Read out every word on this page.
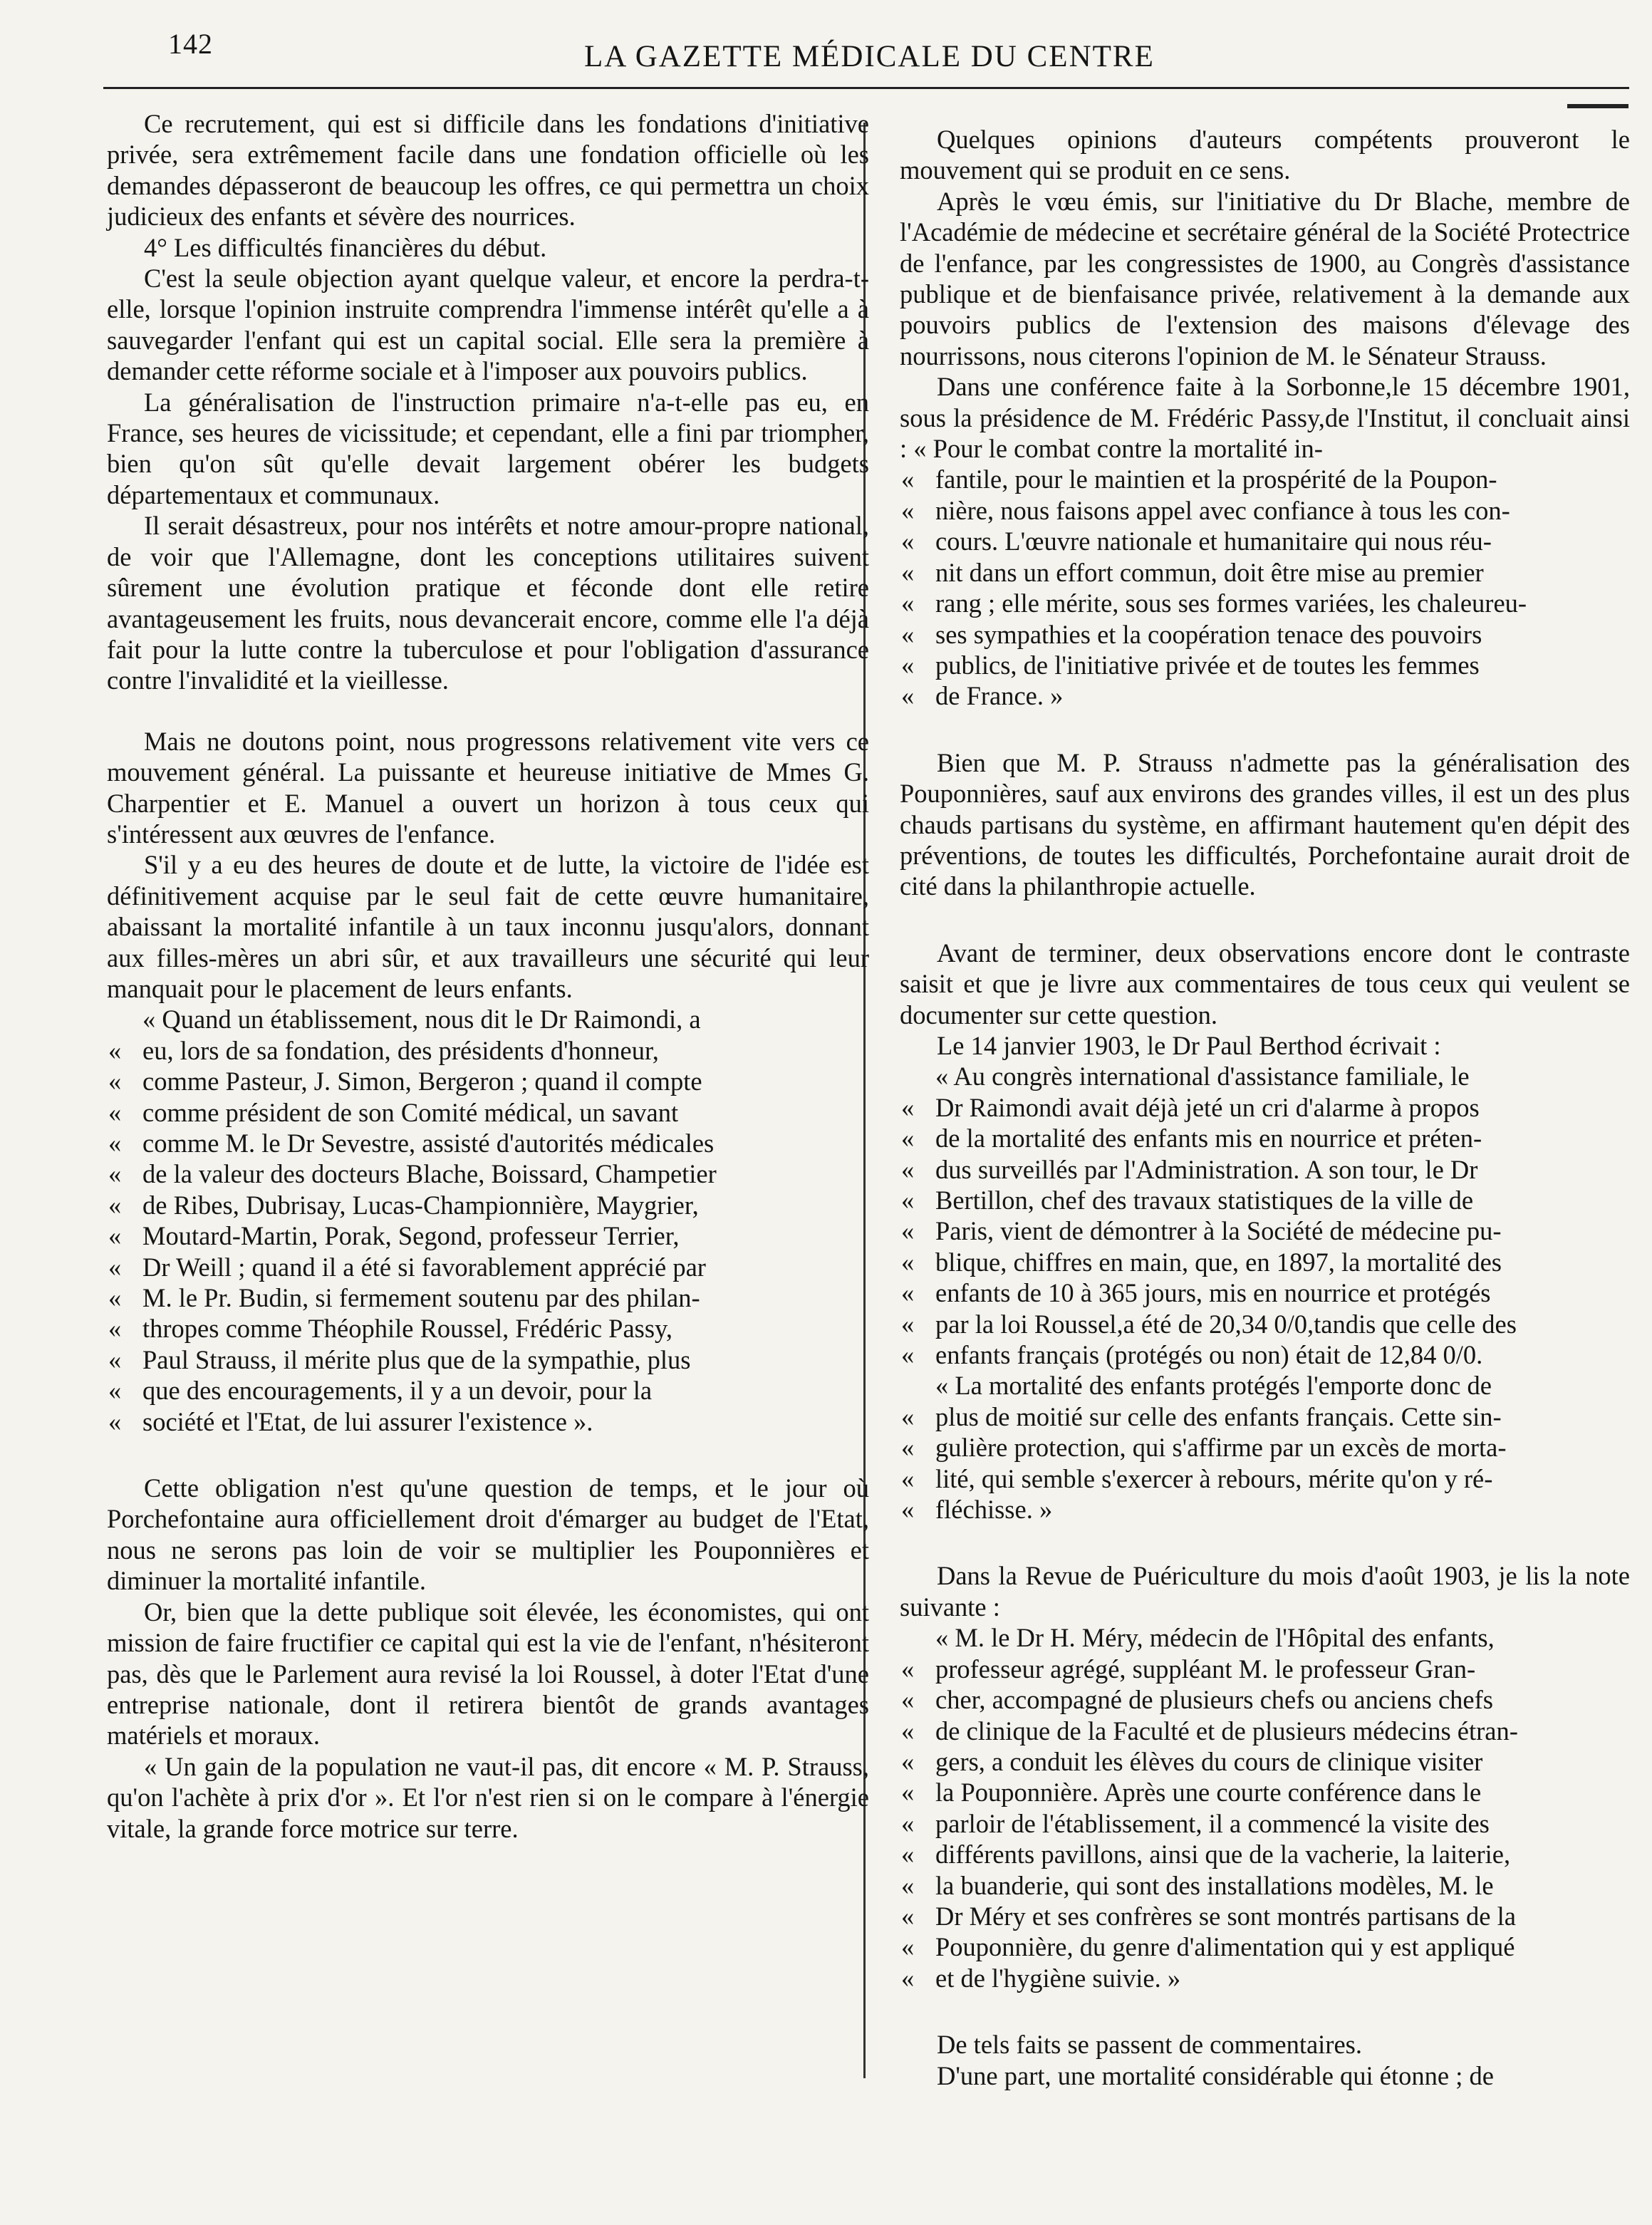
142	LA GAZETTE MÉDICALE DU CENTRE

Ce recrutement, qui est si difficile dans les fondations d'initiative privée, sera extrêmement facile dans une fondation officielle où les demandes dépasseront de beaucoup les offres, ce qui permettra un choix judicieux des enfants et sévère des nourrices.

4° Les difficultés financières du début.

C'est la seule objection ayant quelque valeur, et encore la perdra-t-elle, lorsque l'opinion instruite comprendra l'immense intérêt qu'elle a à sauvegarder l'enfant qui est un capital social. Elle sera la première à demander cette réforme sociale et à l'imposer aux pouvoirs publics.

La généralisation de l'instruction primaire n'a-t-elle pas eu, en France, ses heures de vicissitude; et cependant, elle a fini par triompher, bien qu'on sût qu'elle devait largement obérer les budgets départementaux et communaux.

Il serait désastreux, pour nos intérêts et notre amour-propre national, de voir que l'Allemagne, dont les conceptions utilitaires suivent sûrement une évolution pratique et féconde dont elle retire avantageusement les fruits, nous devancerait encore, comme elle l'a déjà fait pour la lutte contre la tuberculose et pour l'obligation d'assurance contre l'invalidité et la vieillesse.

Mais ne doutons point, nous progressons relativement vite vers ce mouvement général. La puissante et heureuse initiative de Mmes G. Charpentier et E. Manuel a ouvert un horizon à tous ceux qui s'intéressent aux œuvres de l'enfance.

S'il y a eu des heures de doute et de lutte, la victoire de l'idée est définitivement acquise par le seul fait de cette œuvre humanitaire, abaissant la mortalité infantile à un taux inconnu jusqu'alors, donnant aux filles-mères un abri sûr, et aux travailleurs une sécurité qui leur manquait pour le placement de leurs enfants.

« Quand un établissement, nous dit le Dr Raimondi, a
« eu, lors de sa fondation, des présidents d'honneur,
« comme Pasteur, J. Simon, Bergeron ; quand il compte
« comme président de son Comité médical, un savant
« comme M. le Dr Sevestre, assisté d'autorités médicales
« de la valeur des docteurs Blache, Boissard, Champetier
« de Ribes, Dubrisay, Lucas-Championnière, Maygrier,
« Moutard-Martin, Porak, Segond, professeur Terrier,
« Dr Weill ; quand il a été si favorablement apprécié par
« M. le Pr. Budin, si fermement soutenu par des philan-
« thropes comme Théophile Roussel, Frédéric Passy,
« Paul Strauss, il mérite plus que de la sympathie, plus
« que des encouragements, il y a un devoir, pour la
« société et l'Etat, de lui assurer l'existence ».

Cette obligation n'est qu'une question de temps, et le jour où Porchefontaine aura officiellement droit d'émarger au budget de l'Etat, nous ne serons pas loin de voir se multiplier les Pouponnières et diminuer la mortalité infantile.

Or, bien que la dette publique soit élevée, les économistes, qui ont mission de faire fructifier ce capital qui est la vie de l'enfant, n'hésiteront pas, dès que le Parlement aura revisé la loi Roussel, à doter l'Etat d'une entreprise nationale, dont il retirera bientôt de grands avantages matériels et moraux.

« Un gain de la population ne vaut-il pas, dit encore « M. P. Strauss, qu'on l'achète à prix d'or ». Et l'or n'est rien si on le compare à l'énergie vitale, la grande force motrice sur terre.

Quelques opinions d'auteurs compétents prouveront le mouvement qui se produit en ce sens.

Après le vœu émis, sur l'initiative du Dr Blache, membre de l'Académie de médecine et secrétaire général de la Société Protectrice de l'enfance, par les congressistes de 1900, au Congrès d'assistance publique et de bienfaisance privée, relativement à la demande aux pouvoirs publics de l'extension des maisons d'élevage des nourrissons, nous citerons l'opinion de M. le Sénateur Strauss.

Dans une conférence faite à la Sorbonne,le 15 décembre 1901, sous la présidence de M. Frédéric Passy,de l'Institut, il concluait ainsi : « Pour le combat contre la mortalité in-

« fantile, pour le maintien et la prospérité de la Poupon-
« nière, nous faisons appel avec confiance à tous les con-
« cours. L'œuvre nationale et humanitaire qui nous réu-
« nit dans un effort commun, doit être mise au premier
« rang ; elle mérite, sous ses formes variées, les chaleureu-
« ses sympathies et la coopération tenace des pouvoirs
« publics, de l'initiative privée et de toutes les femmes
« de France. »

Bien que M. P. Strauss n'admette pas la généralisation des Pouponnières, sauf aux environs des grandes villes, il est un des plus chauds partisans du système, en affirmant hautement qu'en dépit des préventions, de toutes les difficultés, Porchefontaine aurait droit de cité dans la philanthropie actuelle.

Avant de terminer, deux observations encore dont le contraste saisit et que je livre aux commentaires de tous ceux qui veulent se documenter sur cette question.

Le 14 janvier 1903, le Dr Paul Berthod écrivait :

« Au congrès international d'assistance familiale, le
« Dr Raimondi avait déjà jeté un cri d'alarme à propos
« de la mortalité des enfants mis en nourrice et préten-
« dus surveillés par l'Administration. A son tour, le Dr
« Bertillon, chef des travaux statistiques de la ville de
« Paris, vient de démontrer à la Société de médecine pu-
« blique, chiffres en main, que, en 1897, la mortalité des
« enfants de 10 à 365 jours, mis en nourrice et protégés
« par la loi Roussel,a été de 20,34 0/0,tandis que celle des
« enfants français (protégés ou non) était de 12,84 0/0.
« La mortalité des enfants protégés l'emporte donc de
« plus de moitié sur celle des enfants français. Cette sin-
« gulière protection, qui s'affirme par un excès de morta-
« lité, qui semble s'exercer à rebours, mérite qu'on y ré-
« fléchisse. »

Dans la Revue de Puériculture du mois d'août 1903, je lis la note suivante :

« M. le Dr H. Méry, médecin de l'Hôpital des enfants,
« professeur agrégé, suppléant M. le professeur Gran-
« cher, accompagné de plusieurs chefs ou anciens chefs
« de clinique de la Faculté et de plusieurs médecins étran-
« gers, a conduit les élèves du cours de clinique visiter
« la Pouponnière. Après une courte conférence dans le
« parloir de l'établissement, il a commencé la visite des
« différents pavillons, ainsi que de la vacherie, la laiterie,
« la buanderie, qui sont des installations modèles, M. le
« Dr Méry et ses confrères se sont montrés partisans de la
« Pouponnière, du genre d'alimentation qui y est appliqué
« et de l'hygiène suivie. »

De tels faits se passent de commentaires.

D'une part, une mortalité considérable qui étonne ; de
